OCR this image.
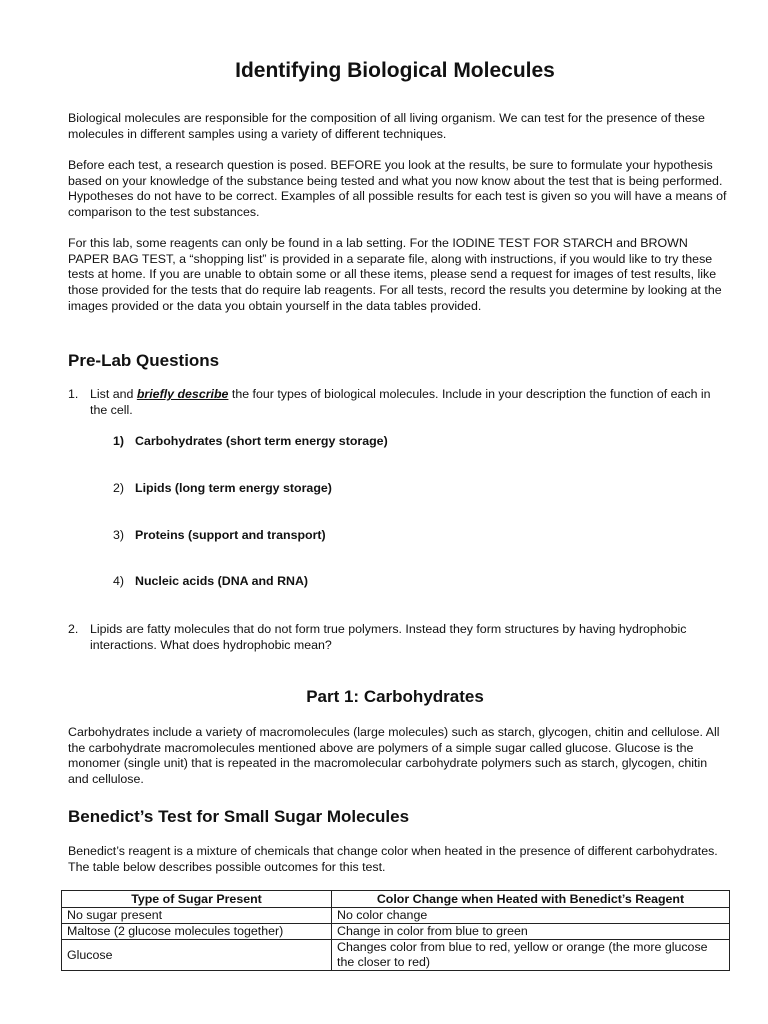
Identifying Biological Molecules

Biological molecules are responsible for the composition of all living organism. We can test for the presence of these molecules in different samples using a variety of different techniques.

Before each test, a research question is posed. BEFORE you look at the results, be sure to formulate your hypothesis based on your knowledge of the substance being tested and what you now know about the test that is being performed. Hypotheses do not have to be correct. Examples of all possible results for each test is given so you will have a means of comparison to the test substances.

For this lab, some reagents can only be found in a lab setting. For the IODINE TEST FOR STARCH and BROWN PAPER BAG TEST, a “shopping list” is provided in a separate file, along with instructions, if you would like to try these tests at home. If you are unable to obtain some or all these items, please send a request for images of test results, like those provided for the tests that do require lab reagents. For all tests, record the results you determine by looking at the images provided or the data you obtain yourself in the data tables provided.

Pre-Lab Questions
1. List and briefly describe the four types of biological molecules. Include in your description the function of each in the cell.

1) Carbohydrates (short term energy storage)
2) Lipids (long term energy storage)
3) Proteins (support and transport)
4) Nucleic acids (DNA and RNA)
2. Lipids are fatty molecules that do not form true polymers. Instead they form structures by having hydrophobic interactions. What does hydrophobic mean?

Part 1: Carbohydrates

Carbohydrates include a variety of macromolecules (large molecules) such as starch, glycogen, chitin and cellulose. All the carbohydrate macromolecules mentioned above are polymers of a simple sugar called glucose. Glucose is the monomer (single unit) that is repeated in the macromolecular carbohydrate polymers such as starch, glycogen, chitin and cellulose.

Benedict’s Test for Small Sugar Molecules

Benedict’s reagent is a mixture of chemicals that change color when heated in the presence of different carbohydrates. The table below describes possible outcomes for this test.

Type of Sugar Present	Color Change when Heated with Benedict’s Reagent
No sugar present	No color change
Maltose (2 glucose molecules together)	Change in color from blue to green
Glucose	Changes color from blue to red, yellow or orange (the more glucose the closer to red)
